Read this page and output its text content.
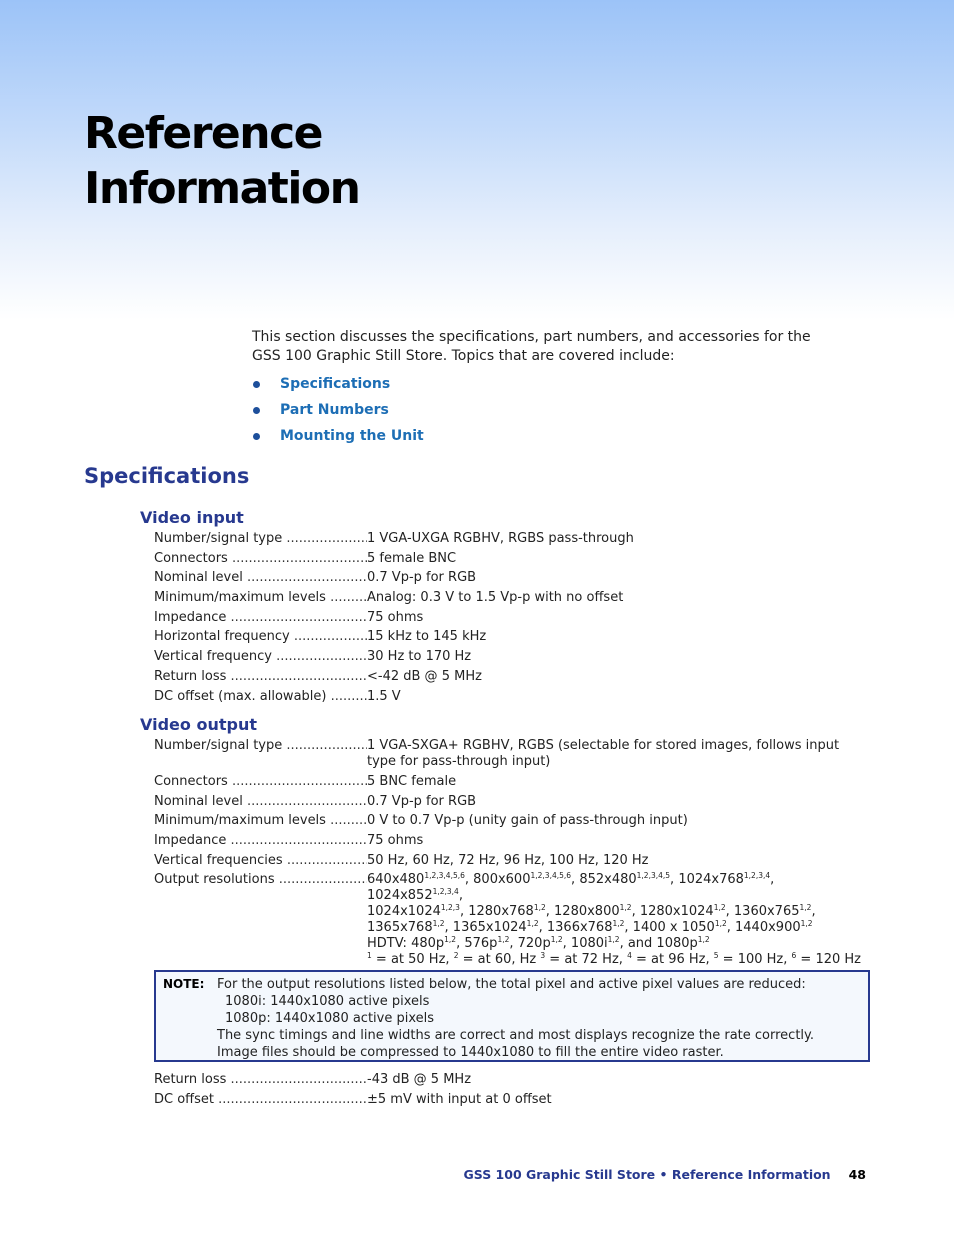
Reference
Information

This section discusses the specifications, part numbers, and accessories for the

GSS 100 Graphic Still Store. Topics that are covered include:

Specifications
Part Numbers
Mounting the Unit
Specifications
Video input
Number/signal type .....	1 VGA-UXGA RGBHV, RGBS pass-through
Connectors .....	5 female BNC
Nominal level .....	0.7 Vp-p for RGB
Minimum/maximum levels .....	Analog: 0.3 V to 1.5 Vp-p with no offset
Impedance .....	75 ohms
Horizontal frequency .....	15 kHz to 145 kHz
Vertical frequency .....	30 Hz to 170 Hz
Return loss .....	<-42 dB @ 5 MHz
DC offset (max. allowable) .....	1.5 V
Video output
Number/signal type .....	1 VGA-SXGA+ RGBHV, RGBS (selectable for stored images, follows input type for pass-through input)
Connectors .....	5 BNC female
Nominal level .....	0.7 Vp-p for RGB
Minimum/maximum levels .....	0 V to 0.7 Vp-p (unity gain of pass-through input)
Impedance .....	75 ohms
Vertical frequencies .....	50 Hz, 60 Hz, 72 Hz, 96 Hz, 100 Hz, 120 Hz
Output resolutions .....	640x480$^{1,2,3,4,5,6}$, 800x600$^{1,2,3,4,5,6}$, 852x480$^{1,2,3,4,5}$, 1024x768$^{1,2,3,4}$, 1024x852$^{1,2,3,4}$,
1024x1024$^{1,2,3}$, 1280x768$^{1,2}$, 1280x800$^{1,2}$, 1280x1024$^{1,2}$, 1360x765$^{1,2}$,
1365x768$^{1,2}$, 1365x1024$^{1,2}$, 1366x768$^{1,2}$, 1400 x 1050$^{1,2}$, 1440x900$^{1,2}$
HDTV: $480p^{1,2}$, $576p^{1,2}$, $720p^{1,2}$, $1080i^{1,2}$, and $1080p^{1,2}$
$^1$ = at 50 Hz, $^2$ = at 60, Hz $^3$ = at 72 Hz, $^4$ = at 96 Hz, $^5$ = 100 Hz, $^6$ = 120 Hz
NOTE: For the output resolutions listed below, the total pixel and active pixel values are reduced:
1080i: 1440x1080 active pixels
1080p: 1440x1080 active pixels
The sync timings and line widths are correct and most displays recognize the rate correctly. Image files should be compressed to 1440x1080 to fill the entire video raster.
Return loss .....	-43 dB @ 5 MHz
DC offset .....	±5 mV with input at 0 offset
GSS 100 Graphic Still Store • Reference Information 48
